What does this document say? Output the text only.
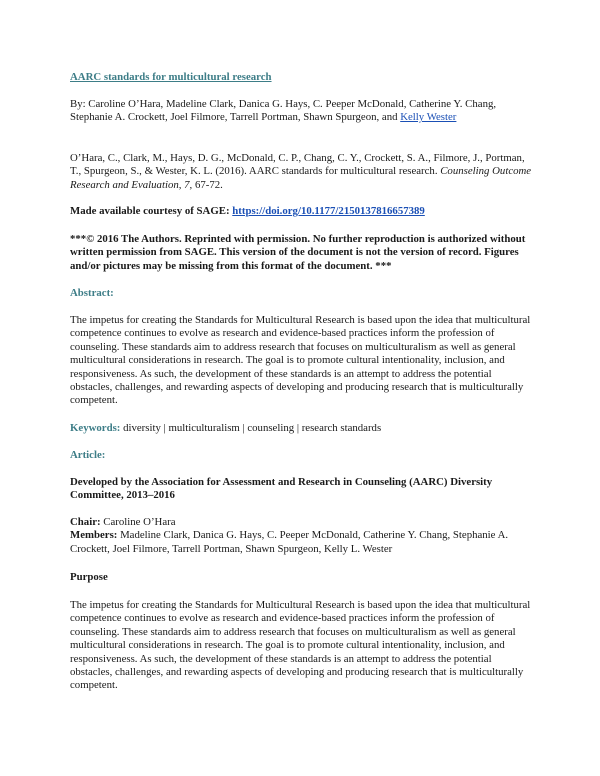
AARC standards for multicultural research

By: Caroline O’Hara, Madeline Clark, Danica G. Hays, C. Peeper McDonald, Catherine Y. Chang, Stephanie A. Crockett, Joel Filmore, Tarrell Portman, Shawn Spurgeon, and Kelly Wester

O’Hara, C., Clark, M., Hays, D. G., McDonald, C. P., Chang, C. Y., Crockett, S. A., Filmore, J., Portman, T., Spurgeon, S., & Wester, K. L. (2016). AARC standards for multicultural research. Counseling Outcome Research and Evaluation, 7, 67-72.

Made available courtesy of SAGE: https://doi.org/10.1177/2150137816657389

***© 2016 The Authors. Reprinted with permission. No further reproduction is authorized without written permission from SAGE. This version of the document is not the version of record. Figures and/or pictures may be missing from this format of the document. ***

Abstract:

The impetus for creating the Standards for Multicultural Research is based upon the idea that multicultural competence continues to evolve as research and evidence-based practices inform the profession of counseling. These standards aim to address research that focuses on multiculturalism as well as general multicultural considerations in research. The goal is to promote cultural intentionality, inclusion, and responsiveness. As such, the development of these standards is an attempt to address the potential obstacles, challenges, and rewarding aspects of developing and producing research that is multiculturally competent.

Keywords: diversity | multiculturalism | counseling | research standards

Article:

Developed by the Association for Assessment and Research in Counseling (AARC) Diversity Committee, 2013–2016

Chair: Caroline O’Hara
Members: Madeline Clark, Danica G. Hays, C. Peeper McDonald, Catherine Y. Chang, Stephanie A. Crockett, Joel Filmore, Tarrell Portman, Shawn Spurgeon, Kelly L. Wester

Purpose

The impetus for creating the Standards for Multicultural Research is based upon the idea that multicultural competence continues to evolve as research and evidence-based practices inform the profession of counseling. These standards aim to address research that focuses on multiculturalism as well as general multicultural considerations in research. The goal is to promote cultural intentionality, inclusion, and responsiveness. As such, the development of these standards is an attempt to address the potential obstacles, challenges, and rewarding aspects of developing and producing research that is multiculturally competent.
